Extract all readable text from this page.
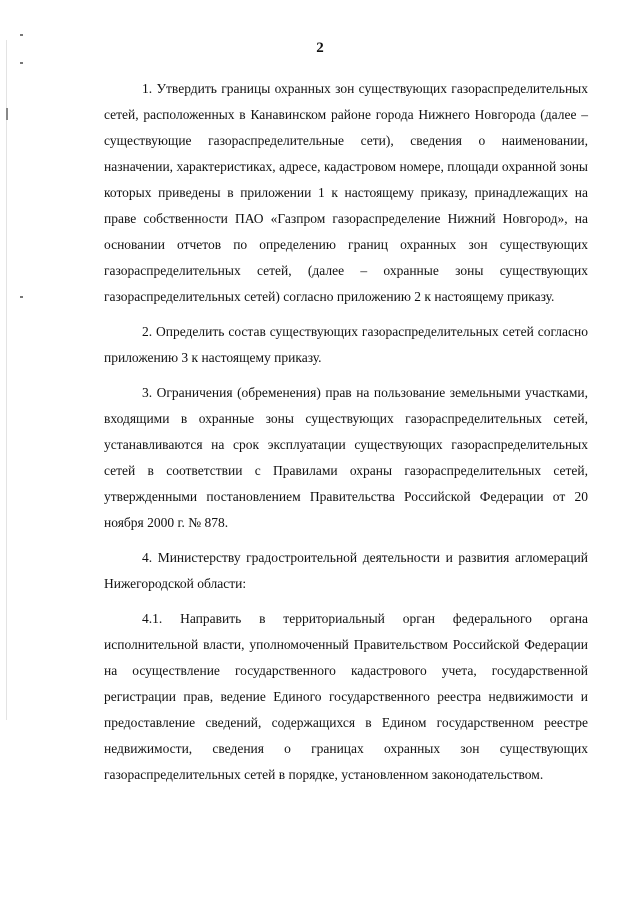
2

1. Утвердить границы охранных зон существующих газораспределительных сетей, расположенных в Канавинском районе города Нижнего Новгорода (далее – существующие газораспределительные сети), сведения о наименовании, назначении, характеристиках, адресе, кадастровом номере, площади охранной зоны которых приведены в приложении 1 к настоящему приказу, принадлежащих на праве собственности ПАО «Газпром газораспределение Нижний Новгород», на основании отчетов по определению границ охранных зон существующих газораспределительных сетей, (далее – охранные зоны существующих газораспределительных сетей) согласно приложению 2 к настоящему приказу.

2. Определить состав существующих газораспределительных сетей согласно приложению 3 к настоящему приказу.

3. Ограничения (обременения) прав на пользование земельными участками, входящими в охранные зоны существующих газораспределительных сетей, устанавливаются на срок эксплуатации существующих газораспределительных сетей в соответствии с Правилами охраны газораспределительных сетей, утвержденными постановлением Правительства Российской Федерации от 20 ноября 2000 г. № 878.

4. Министерству градостроительной деятельности и развития агломераций Нижегородской области:

4.1. Направить в территориальный орган федерального органа исполнительной власти, уполномоченный Правительством Российской Федерации на осуществление государственного кадастрового учета, государственной регистрации прав, ведение Единого государственного реестра недвижимости и предоставление сведений, содержащихся в Едином государственном реестре недвижимости, сведения о границах охранных зон существующих газораспределительных сетей в порядке, установленном законодательством.
